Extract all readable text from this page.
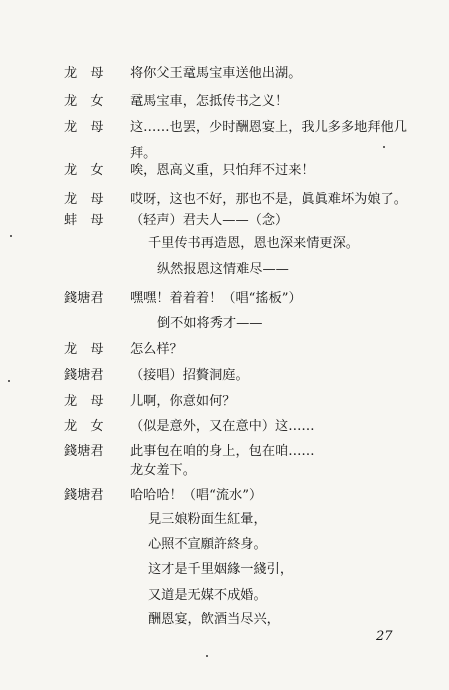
龙　母 将你父王鼋馬宝車送他出湖。
龙　女 鼋馬宝車，怎抵传书之义！
龙　母 这……也罢，少时酬恩宴上，我儿多多地拜他几
拜。
龙　女 唉，恩高义重，只怕拜不过来！
龙　母 哎呀，这也不好，那也不是，眞眞难坏为娘了。
蚌　母 （轻声）君夫人——（念）
千里传书再造恩，恩也深来情更深。
纵然报恩这情难尽——
錢塘君 嘿嘿！着着着！（唱“搖板”）
倒不如将秀才——
龙　母 怎么样？
錢塘君 （接唱）招贅洞庭。
龙　母 儿啊，你意如何？
龙　女 （似是意外，又在意中）这……
錢塘君 此事包在咱的身上，包在咱……
龙女羞下。
錢塘君 哈哈哈！（唱“流水”）
見三娘粉面生紅暈，
心照不宣願許終身。
这才是千里姻緣一綫引，
又道是无媒不成婚。
酬恩宴，飲酒当尽兴，
27
